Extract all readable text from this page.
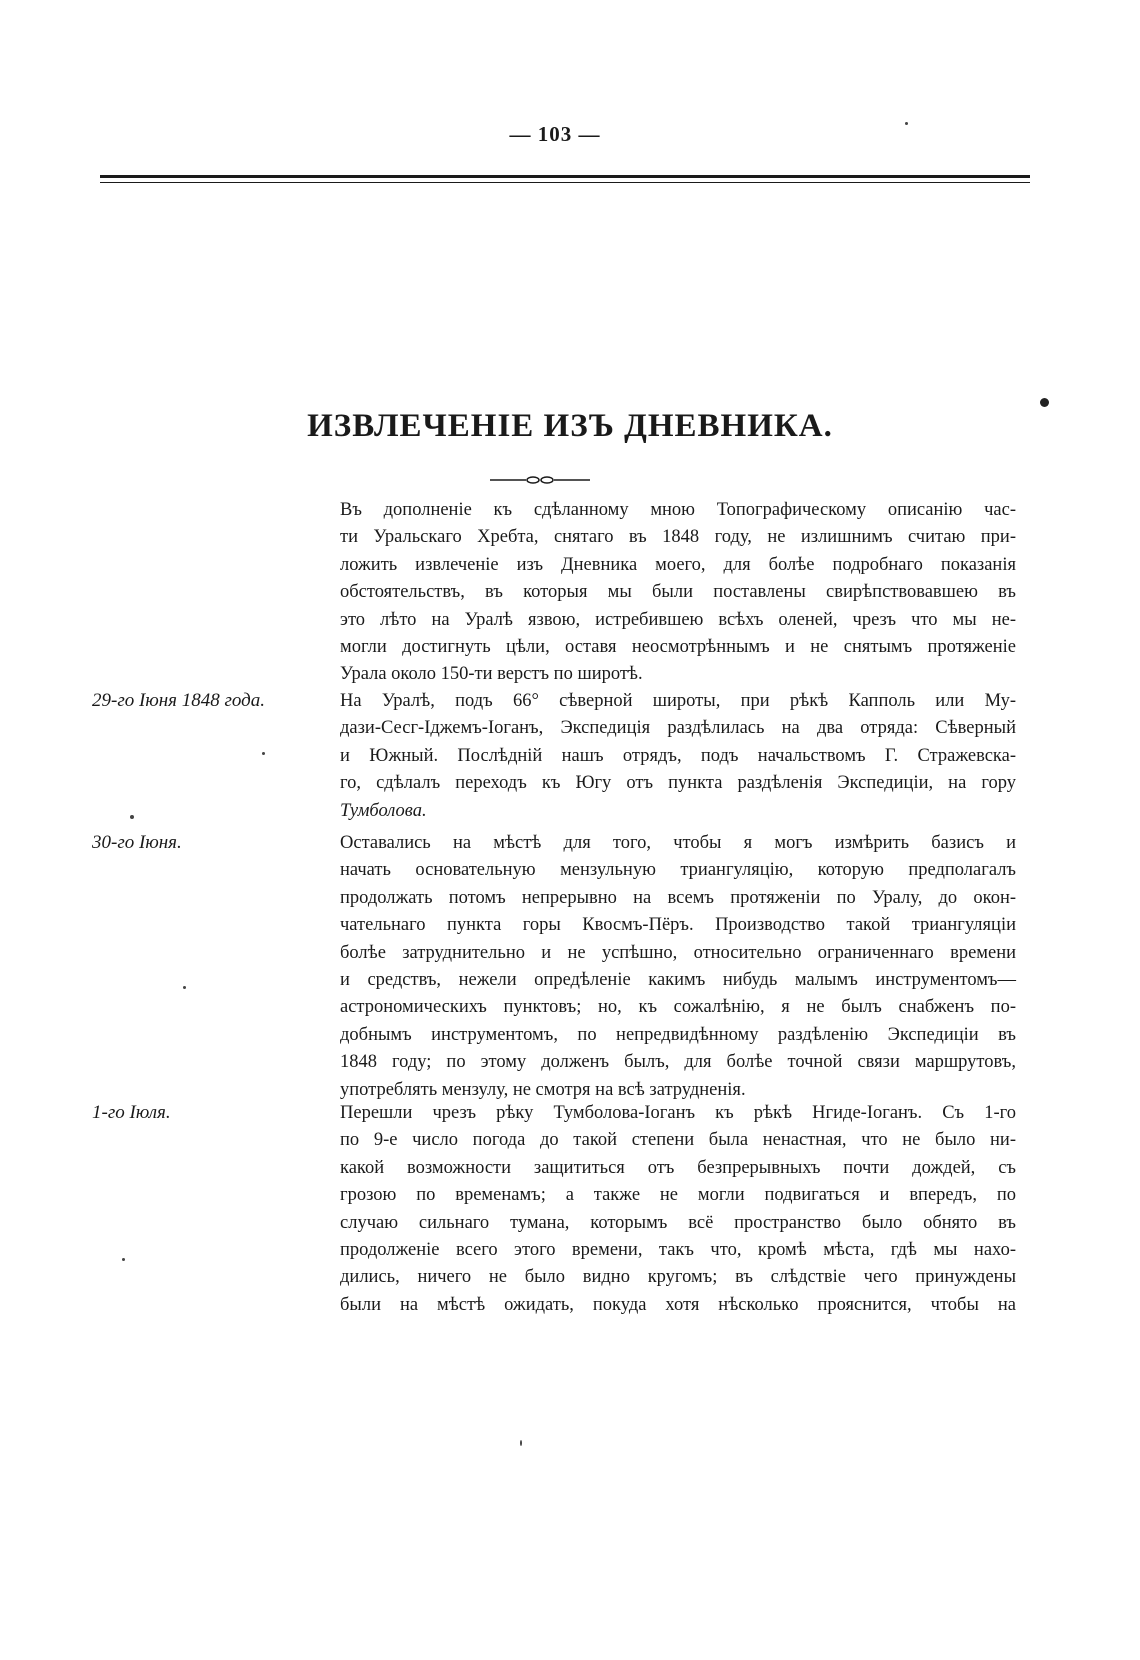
— 103 —
ИЗВЛЕЧЕНІЕ ИЗЪ ДНЕВНИКА.
Въ дополненіе къ сдѣланному мною Топографическому описанію час-
ти Уральскаго Хребта, снятаго въ 1848 году, не излишнимъ считаю при-
ложить извлеченіе изъ Дневника моего, для болѣе подробнаго показанія
обстоятельствъ, въ которыя мы были поставлены свирѣпствовавшею въ
это лѣто на Уралѣ язвою, истребившею всѣхъ оленей, чрезъ что мы не-
могли достигнуть цѣли, оставя неосмотрѣннымъ и не снятымъ протяженіе
Урала около 150-ти верстъ по широтѣ.
29-го Іюня 1848 года.	На Уралѣ, подъ 66° сѣверной широты, при рѣкѣ Капполь или Му-
дази-Сесг-Іджемъ-Іоганъ, Экспедиція раздѣлилась на два отряда: Сѣверный
и Южный. Послѣдній нашъ отрядъ, подъ начальствомъ Г. Стражевска-
го, сдѣлалъ переходъ къ Югу отъ пункта раздѣленія Экспедиціи, на гору
Тумболова.
30-го Іюня.	Оставались на мѣстѣ для того, чтобы я могъ измѣрить базисъ и
начать основательную мензульную триангуляцію, которую предполагалъ
продолжать потомъ непрерывно на всемъ протяженіи по Уралу, до окон-
чательнаго пункта горы Квосмъ-Пёръ. Производство такой триангуляціи
болѣе затруднительно и не успѣшно, относительно ограниченнаго времени
и средствъ, нежели опредѣленіе какимъ нибудь малымъ инструментомъ—
астрономическихъ пунктовъ; но, къ сожалѣнію, я не былъ снабженъ по-
добнымъ инструментомъ, по непредвидѣнному раздѣленію Экспедиціи въ
1848 году; по этому долженъ былъ, для болѣе точной связи маршрутовъ,
употреблять мензулу, не смотря на всѣ затрудненія.
1-го Іюля.	Перешли чрезъ рѣку Тумболова-Іоганъ къ рѣкѣ Нгиде-Іоганъ. Съ 1-го
по 9-е число погода до такой степени была ненастная, что не было ни-
какой возможности защититься отъ безпрерывныхъ почти дождей, съ
грозою по временамъ; а также не могли подвигаться и впередъ, по
случаю сильнаго тумана, которымъ всё пространство было обнято въ
продолженіе всего этого времени, такъ что, кромѣ мѣста, гдѣ мы нахо-
дились, ничего не было видно кругомъ; въ слѣдствіе чего принуждены
были на мѣстѣ ожидать, покуда хотя нѣсколько прояснится, чтобы на
